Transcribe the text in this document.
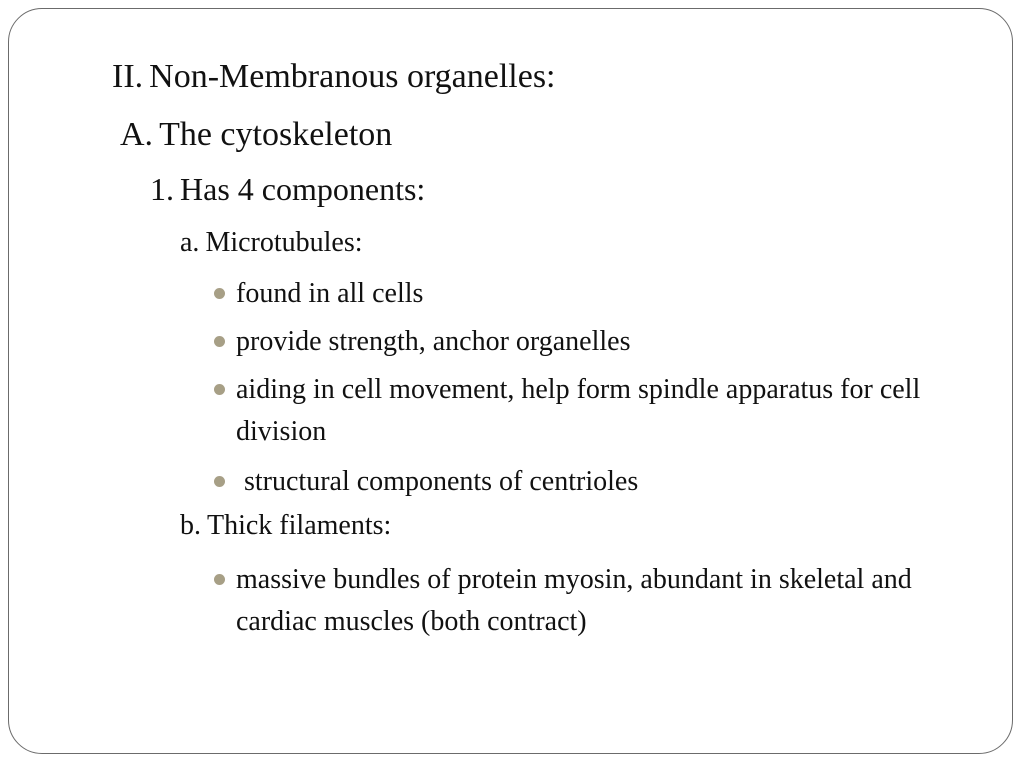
II. Non-Membranous organelles:

A. The cytoskeleton

1. Has 4 components:

a. Microtubules:

found in all cells
provide strength, anchor organelles
aiding in cell movement, help form spindle apparatus for cell division
structural components of centrioles

b. Thick filaments:

massive bundles of protein myosin, abundant in skeletal and cardiac muscles (both contract)
